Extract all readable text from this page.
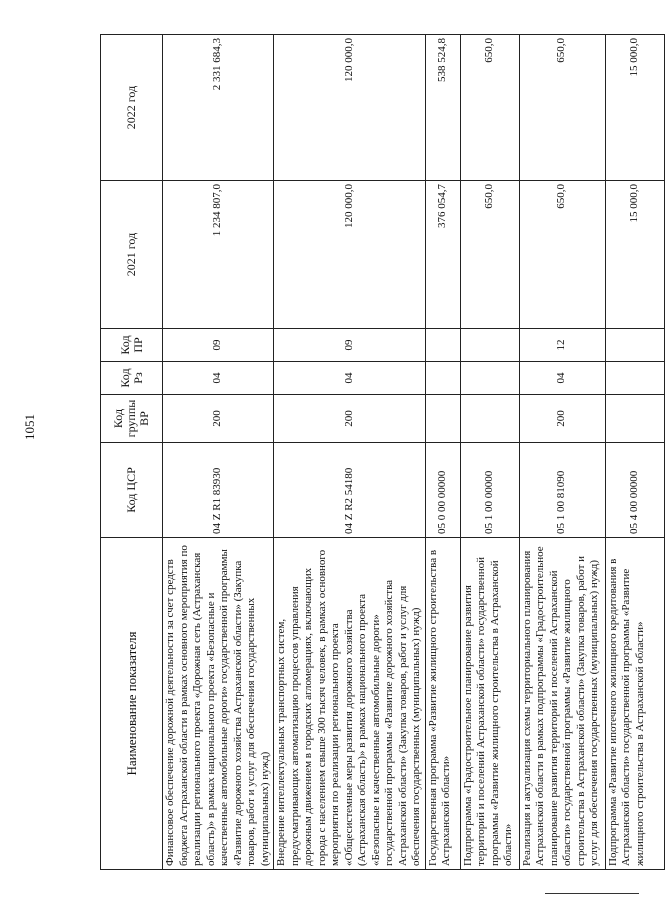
1051
Наименование показателя	Код ЦСР	Код группы ВР	Код Рз	Код ПР	2021 год	2022 год
Финансовое обеспечение дорожной деятельности за счет средств бюджета Астраханской области в рамках основного мероприятия по реализации регионального проекта «Дорожная сеть (Астраханская область)» в рамках национального проекта «Безопасные и качественные автомобильные дороги» государственной программы «Развитие дорожного хозяйства Астраханской области» (Закупка товаров, работ и услуг для обеспечения государственных (муниципальных) нужд)	04 Z R1 83930	200	04	09	1 234 807,0	2 331 684,3
Внедрение интеллектуальных транспортных систем, предусматривающих автоматизацию процессов управления дорожным движением в городских агломерациях, включающих города с населением свыше 300 тысяч человек, в рамках основного мероприятия по реализации регионального проекта «Общесистемные меры развития дорожного хозяйства (Астраханская область)» в рамках национального проекта «Безопасные и качественные автомобильные дороги» государственной программы «Развитие дорожного хозяйства Астраханской области» (Закупка товаров, работ и услуг для обеспечения государственных (муниципальных) нужд)	04 Z R2 54180	200	04	09	120 000,0	120 000,0
Государственная программа «Развитие жилищного строительства в Астраханской области»	05 0 00 00000				376 054,7	538 524,8
Подпрограмма «Градостроительное планирование развития территорий и поселений Астраханской области» государственной программы «Развитие жилищного строительства в Астраханской области»	05 1 00 00000				650,0	650,0
Реализация и актуализация схемы территориального планирования Астраханской области в рамках подпрограммы «Градостроительное планирование развития территорий и поселений Астраханской области» государственной программы «Развитие жилищного строительства в Астраханской области» (Закупка товаров, работ и услуг для обеспечения государственных (муниципальных) нужд)	05 1 00 81090	200	04	12	650,0	650,0
Подпрограмма «Развитие ипотечного жилищного кредитования в Астраханской области» государственной программы «Развитие жилищного строительства в Астраханской области»	05 4 00 00000				15 000,0	15 000,0
